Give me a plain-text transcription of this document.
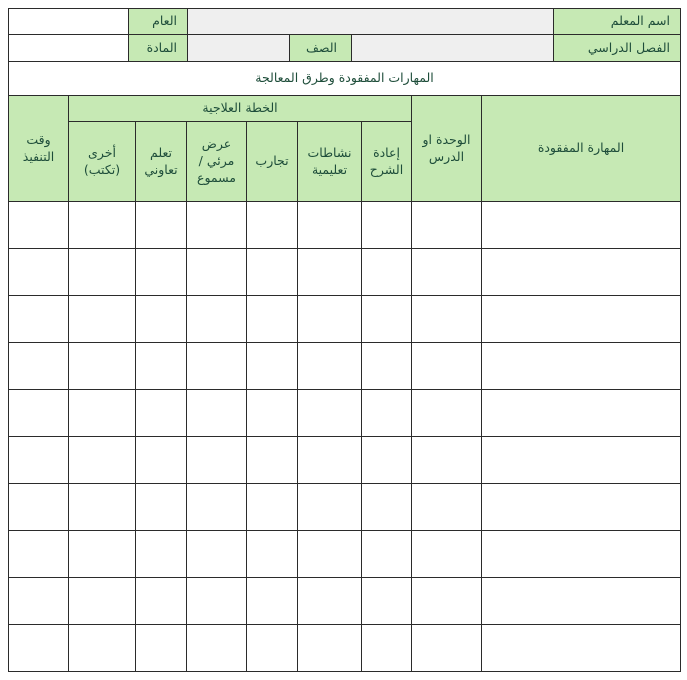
اسم المعلم
العام
الفصل الدراسي
الصف
المادة
المهارات المفقودة وطرق المعالجة
المهارة المفقودة
الوحدة او
الدرس
الخطة العلاجية
إعادة
الشرح
نشاطات
تعليمية
تجارب
عرض
مرئي /
مسموع
تعلم
تعاوني
أخرى
(تكتب)
وقت
التنفيذ
